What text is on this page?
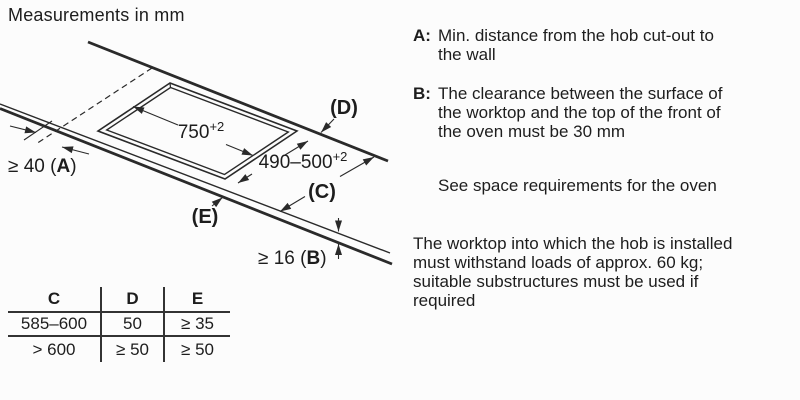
Measurements in mm
≥ 40 (A)
$750^{+2}$
$490-500^{+2}$
(C)
(D)
(E)
≥ 16 (B)
C	D	E
585–600	50	≥ 35
> 600	≥ 50	≥ 50
A: Min. distance from the hob cut-out to
the wall
B: The clearance between the surface of
the worktop and the top of the front of
the oven must be 30 mm
See space requirements for the oven
The worktop into which the hob is installed
must withstand loads of approx. 60 kg;
suitable substructures must be used if
required
